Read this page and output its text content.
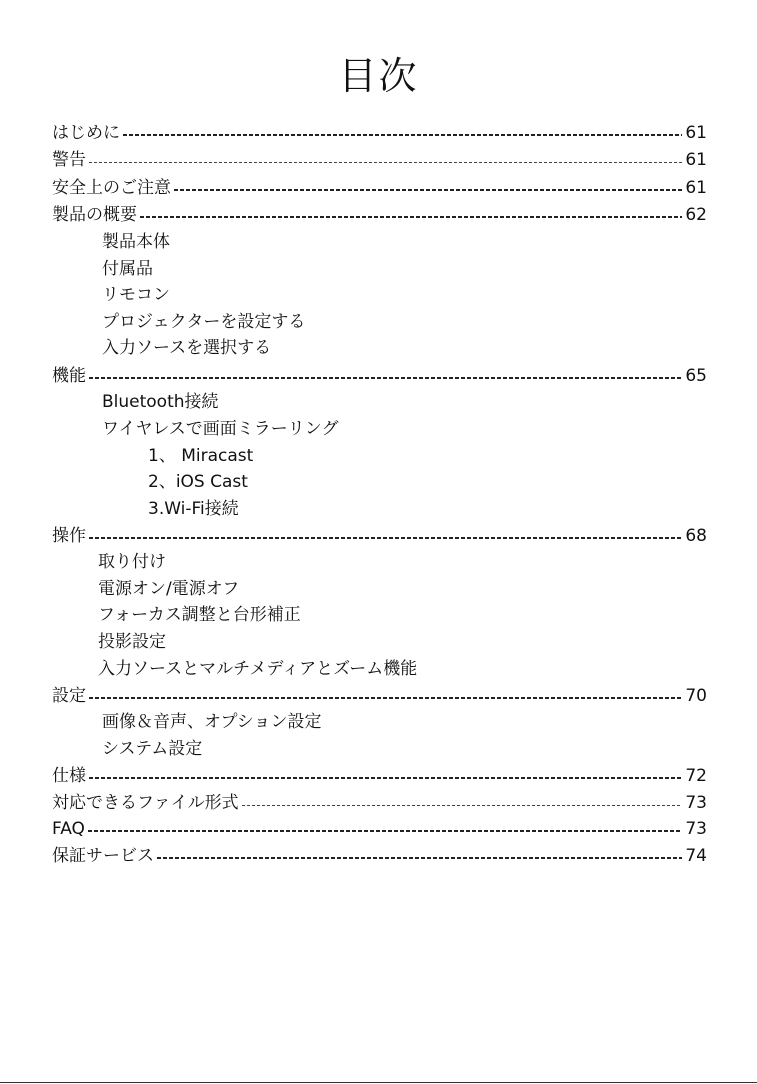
目次
はじめに	61
警告	61
安全上のご注意	61
製品の概要	62
製品本体
付属品
リモコン
プロジェクターを設定する
入力ソースを選択する
機能	65
Bluetooth接続
ワイヤレスで画面ミラーリング
1、 Miracast
2、iOS Cast
3.Wi-Fi接続
操作	68
取り付け
電源オン/電源オフ
フォーカス調整と台形補正
投影設定
入力ソースとマルチメディアとズーム機能
設定	70
画像＆音声、オプション設定
システム設定
仕様	72
対応できるファイル形式	73
FAQ	73
保証サービス	74
